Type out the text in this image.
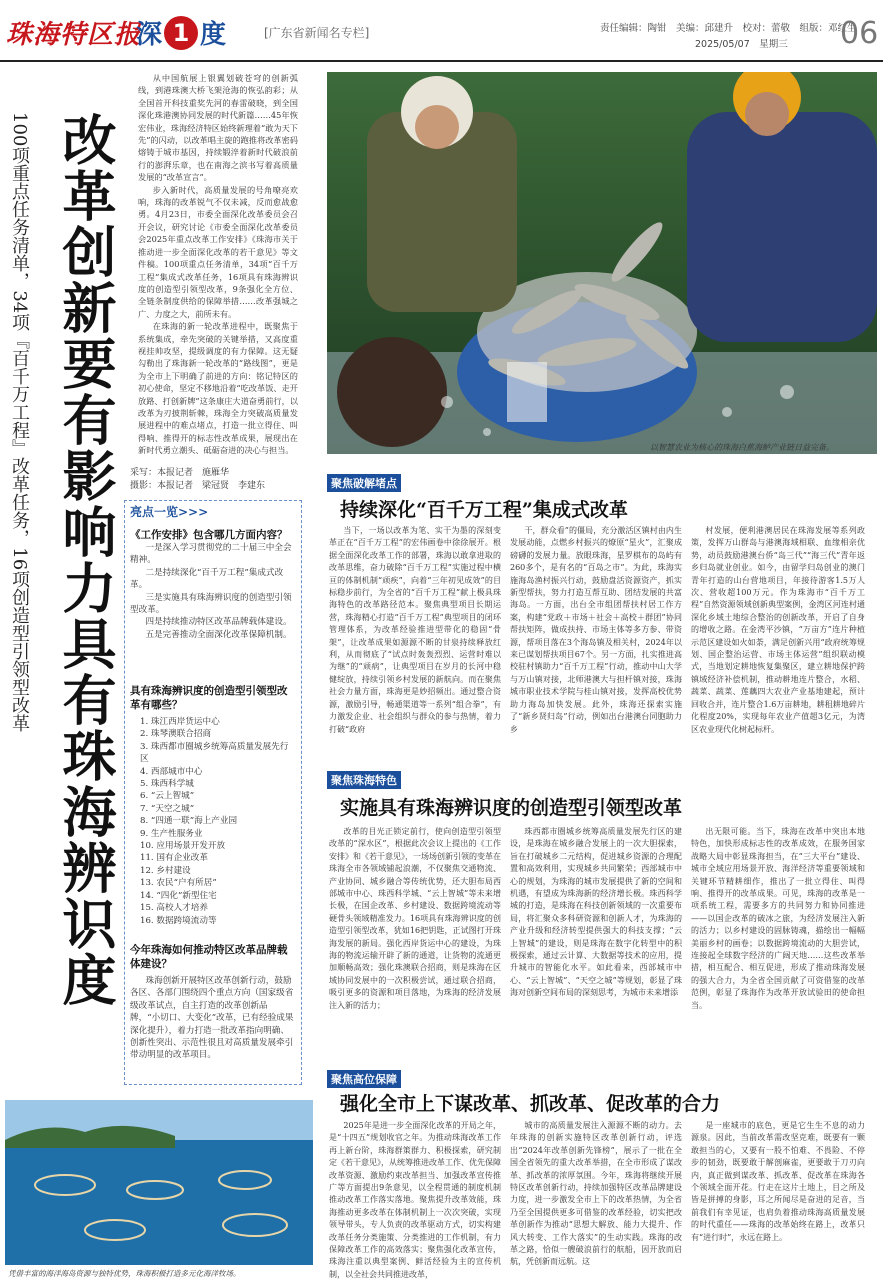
珠海特区报
深 1 度	[广东省新闻名专栏]	责任编辑：陶钳　美编：邱建升　校对：蕾敬　组版：邓红生
2025/05/07　星期三 06
改革创新要有影响力具有珠海辨识度
100项重点任务清单，34项『百千万工程』改革任务，16项创造型引领型改革

从中国航展上银翼划破苍穹的创新弧线，到港珠澳大桥飞架沧海的恢弘韵彩；从全国首开科技重奖先河的春雷破晓，到全国深化珠港澳协同发展的时代新篇……45年恢宏伟业，珠海经济特区始终新理着“敢为天下先”的闪动，以改革唱主旋的跑推将改革密码熔铸于城市基因，持续锻淬着新时代破浪前行的澎湃乐章，也在南海之滨书写着高质量发展的“改革宣言”。

步入新时代，高质量发展的号角嘹亮欢响，珠海的改革锐气不仅未减，反而愈战愈勇。4月23日，市委全面深化改革委员会召开会议，研究讨论《市委全面深化改革委员会2025年重点改革工作安排》《珠海市关于推动进一步全面深化改革的若干意见》等文件稿。100项重点任务清单，34项“百千万工程”集成式改革任务，16项具有珠海辨识度的创造型引领型改革，9条强化全方位、全链条制度供给的保障举措……改革强城之广、力度之大，前所未有。

在珠海的新一轮改革进程中，既聚焦于系统集成，牵先突破的关键举措，又高度重视挂帅攻坚，提级调度的有力保障。这无疑勾勒出了珠海新一轮改革的“路线图”，更是为全市上下明确了前进的方向：铭记特区的初心使命，坚定不移地沿着“吃改革饭、走开放路、打创新牌”这条康庄大道奋勇前行，以改革为刃披荆斩棘，珠海全力突破高质量发展进程中的难点堵点，打造一批立得住、叫得响、推得开的标志性改革成果，展现出在新时代勇立潮头、砥砺奋进的决心与担当。

采写：本报记者　施雁华
摄影：本报记者　梁冠贤　李建东
亮点一览>>>
《工作安排》包含哪几方面内容？

一是深入学习贯彻党的二十届三中全会精神。

二是持续深化“百千万工程”集成式改革。

三是实施具有珠海辨识度的创造型引领型改革。

四是持续推动特区改革品牌载体建设。

五是完善推动全面深化改革保障机制。

具有珠海辨识度的创造型引领型改革有哪些？
1. 珠江西岸货运中心
2. 珠琴澳联合招商
3. 珠西都市圈城乡统筹高质量发展先行区
4. 西部城市中心
5. 珠西科学城
6. “云上智城”
7. “天空之城”
8. “四通一联”海上产业园
9. 生产性服务业
10. 应用场景开发开放
11. 国有企业改革
12. 乡村建设
13. 农民“户有所居”
14. “四化”新型住宅
15. 高校人才培养
16. 数据跨境流动等
今年珠海如何推动特区改革品牌载体建设？

珠海创新开展特区改革创新行动，鼓励各区、各部门围绕四个重点方向（国家级省级改革试点，自主打造的改革创新品牌，“小切口、大变化”改革，已有经验成果深化提升），着力打造一批改革指向明确、创新性突出、示范性很且对高质量发展牵引带动明显的改革项目。

以智慧农业为核心的珠海白蕉海鲈产业链日益完备。
聚焦破解堵点
持续深化“百千万工程”集成式改革
当下，一场以改革为笔、实干为墨的深刻变革正在“百千万工程”的宏伟画卷中徐徐展开。根据全面深化改革工作的部署，珠海以敢拿进取的改革思维，奋力破除“百千万工程”实施过程中横亘的体制机制“顽疾”，向着“三年初见成效”的目标稳步前行，为全省的“百千万工程”献上极具珠海特色的改革路径范本。聚焦典型项目长期运营，珠海精心打造“百千万工程”典型项目的闭环管理体系，为改革经验推进型带化的稳固“骨架”，让改革成果如源源不断的甘泉持续释放红利，从而彻底了“试点时轰轰烈烈、运营时难以为继”的“顽病”，让典型项目在岁月的长河中稳健绽放，持续引领乡村发展的新航向。而在聚焦社会力量方面，珠海更是妙招频出。通过整合资源，激励引导，畅通渠道等一系列“组合拳”，有力激发企业、社会组织与群众的参与热情，着力打破“政府
干，群众看”的僵局，充分激活区镇村由内生发展动能，点燃乡村振兴的燎原“星火”，汇聚成磅礴的发展力量。放眼珠海，星罗棋布的岛屿有260多个，是有名的“百岛之市”。为此，珠海实施海岛渔村振兴行动，鼓励盘活资源资产，抓实新型帮扶，努力打造互帮互助、团结发展的共富海岛。一方面，出台全市组团帮扶村居工作方案，构建“党政＋市场＋社会＋高校＋群团”协同帮扶矩阵，做成扶持、市场主体等多方参、带资源，帮项目落在3个海岛镇及相关村，2024年以来已谋划帮扶项目67个。另一方面，扎实推进高校驻村镇助力“百千万工程”行动，推动中山大学与万山镇对接，北师港澳大与担杆镇对接，珠海城市职业技术学院与桂山镇对接，发挥高校优势助力海岛加快发展。此外，珠海还探索实施了“新乡贤归岛”行动，例如出台港澳台同胞助力乡
村发展，便利港澳居民在珠海发展等系列政策，发挥万山群岛与港澳海域相联、血缘相亲优势，动员鼓励港澳台侨“岛三代”“海三代”青年返乡归岛就业创业。如今，由留学归岛创业的澳门青年打造的山台营地项目，年接待游客1.5万人次、营收超100万元。作为珠海市“百千万工程”自然资源领域创新典型案例，金湾区河连村通深化乡域土地综合整治的创新改革，开启了自身的增收之路。在金湾平沙镇，“万亩方”连片种植示范区建设如火如荼，满足创新兴用“政府统筹规划、国企整治运营、市场主体运营”组织联动模式，当地划定耕地恢复集聚区，建立耕地保护跨镇域经济补偿机制，推动耕地连片整合，水稻、蔬菜、蔬菜、莲藕四大农业产业基地建起，预计回收合并，连片整合1.6万亩耕地，耕租耕地碎片化程度20%，实现每年农业产值超3亿元，为湾区农业现代化树起标杆。
聚焦珠海特色
实施具有珠海辨识度的创造型引领型改革
改革的目光正锁定前行，使向创造型引领型改革的“深水区”，根据此次会议上提出的《工作安排》和《若干意见》，一场场创新引领的变革在珠海全市各领域铺起浪潮，不仅聚焦交通物流、产业协同、城乡融合等传统优势，还大胆布局西部城市中心、珠西科学城、“云上智城”等未来增长极，在国企改革、乡村建设、数据跨境流动等硬骨头领域精准发力。16项具有珠海辨识度的创造型引领型改革，犹如16把钥匙，正试图打开珠海发展的新局。强化西岸货运中心的建设，为珠海的物流运输开辟了新的通道，让货物的流通更加顺畅高效；强化珠澳联合招商，则是珠海在区域协同发展中的一次积极尝试，通过联合招商，吸引更多的资源和项目落地，为珠海的经济发展注入新的活力；
珠西都市圈城乡统筹高质量发展先行区的建设，是珠海在城乡融合发展上的一次大胆探索，旨在打破城乡二元结构，促进城乡资源的合理配置和高效利用，实现城乡共同繁荣；西部城市中心的规划，为珠海的城市发展提供了新的空间和机遇，有望成为珠海新的经济增长极。珠西科学城的打造，是珠海在科技创新领域的一次重要布局，将汇聚众多科研资源和创新人才，为珠海的产业升级和经济转型提供强大的科技支撑；“云上智城”的建设，则是珠海在数字化转型中的积极探索，通过云计算、大数据等技术的应用，提升城市的智能化水平。如此看来，西部城市中心、“云上智城”、“天空之城”等规划，彰显了珠海对创新空间布局的深刻思考，为城市未来增添
出无限可能。当下，珠海在改革中突出本地特色，加快形成标志性的改革成效，在服务国家战略大局中彰显珠海担当，在“三大平台”建设、城市全域应用场景开放、海洋经济等重要领域和关键环节精耕细作，推出了一批立得住、叫得响、推得开的改革成果。可见，珠海的改革是一项系统工程，需要多方的共同努力和协同推进——以国企改革的破冰之旅，为经济发展注入新的活力；以乡村建设的固脉铸魂，描绘出一幅幅美丽乡村的画卷；以数据跨境流动的大胆尝试，连接起全球数字经济的广阔天地……这些改革举措，相互配合、相互促进，形成了推动珠海发展的强大合力，为全省全国贡献了可资借鉴的改革范例，彰显了珠海作为改革开放试验田的使命担当。
聚焦高位保障
强化全市上下谋改革、抓改革、促改革的合力
2025年是进一步全面深化改革的开局之年，是“十四五”规划收官之年。为推动珠海改革工作再上新台阶，珠海群策群力、积极探索，研究制定《若干意见》，从统筹推进改革工作、优先保障改革资源、激励约束改革担当、加强改革宣传推广等方面提出9条意见，以全程贯通的制度机制推动改革工作落实落地。聚焦提升改革效能，珠海推动更多改革在体制机制上一次次突破，实现领导带头，专人负责的改革驱动方式，切实构建改革任务分类施策、分类推进的工作机制，有力保障改革工作的高效落实；聚焦强化改革宣传，珠海注重以典型案例、鲜活经验为主的宣传机制，以全社会共同推进改革，
城市的高质量发展注入源源不断的动力。去年珠海的创新实施特区改革创新行动，评选出“2024年改革创新先锋榜”，展示了一批在全国全省领先的重大改革举措，在全市形成了谋改革、抓改革的浓厚氛围。今年，珠海将继续开展特区改革创新行动，持续加强特区改革品牌建设力度，进一步激发全市上下的改革热情，为全省乃至全国提供更多可借鉴的改革经验，切实把改革创新作为推动“思想大解放、能力大提升、作风大转变、工作大落实”的生动实践。珠海的改革之路，恰似一艘破浪前行的航船，因开放而启航，凭创新而远航。这
是一座城市的底色，更是它生生不息的动力源泉。因此，当前改革需改坚克难，既要有一颗敢担当的心，又要有一股不怕难、不畏险、不停步的韧劲，既要敢于解剖麻雀，更要敢于刀刃向内，真正做到谋改革、抓改革、促改革在珠海各个领域全面开花。行走在这片土地上，目之所及皆是拼搏的身影，耳之所闻尽是奋进的足音，当前我们有幸见证，也肩负着推动珠海高质量发展的时代重任——珠海的改革始终在路上，改革只有“进行时”，永远在路上。
凭借丰富的海洋海岛资源与独特优势，珠海积极打造多元化海洋牧场。
